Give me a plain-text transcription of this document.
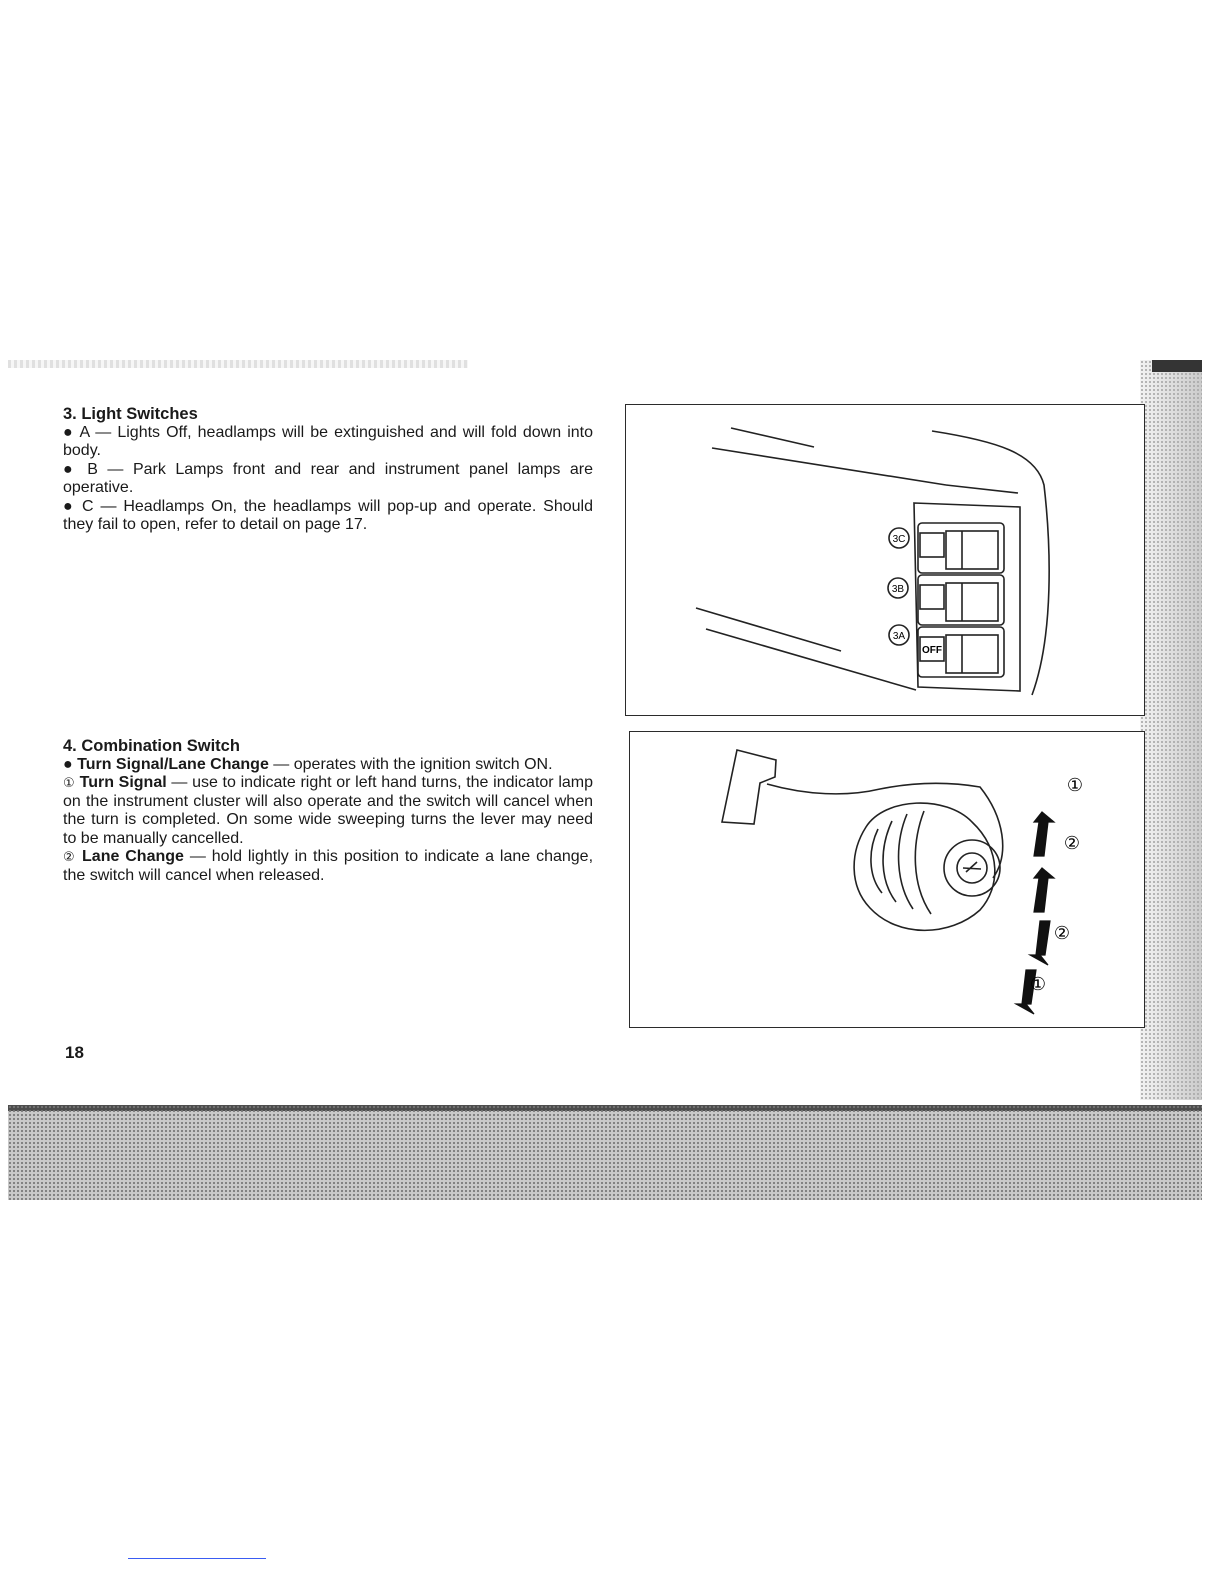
3. Light Switches

● A — Lights Off, headlamps will be extinguished and will fold down into body.

● B — Park Lamps front and rear and instrument panel lamps are operative.

● C — Headlamps On, the headlamps will pop-up and operate. Should they fail to open, refer to detail on page 17.

4. Combination Switch

● Turn Signal/Lane Change — operates with the ignition switch ON.

① Turn Signal — use to indicate right or left hand turns, the indicator lamp on the instrument cluster will also operate and the switch will cancel when the turn is completed. On some wide sweeping turns the lever may need to be manually cancelled.

② Lane Change — hold lightly in this position to indicate a lane change, the switch will cancel when released.

18
3C
3B
3A
OFF
①
②
②
①
